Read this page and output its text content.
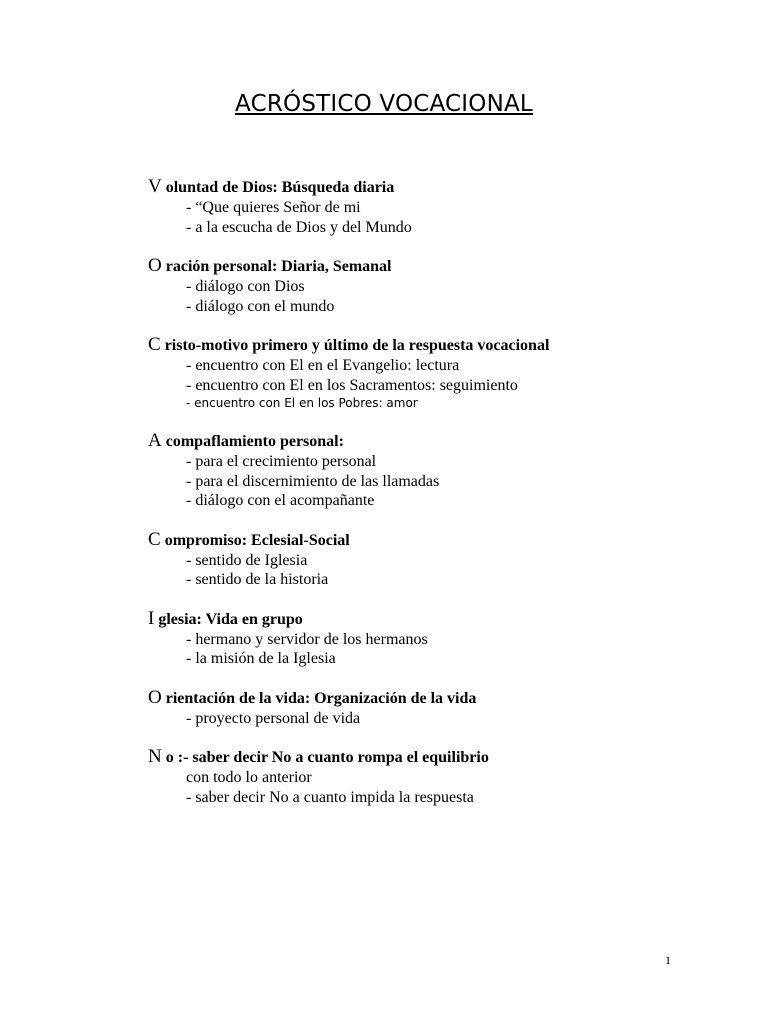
ACRÓSTICO VOCACIONAL
V oluntad de Dios: Búsqueda diaria
- “Que quieres Señor de mi
- a la escucha de Dios y del Mundo
O ración personal: Diaria, Semanal
- diálogo con Dios
- diálogo con el mundo
C risto-motivo primero y último de la respuesta vocacional
- encuentro con El en el Evangelio: lectura
- encuentro con El en los Sacramentos: seguimiento
- encuentro con El en los Pobres: amor
A compaflamiento personal:
- para el crecimiento personal
- para el discernimiento de las llamadas
- diálogo con el acompañante
C ompromiso: Eclesial-Social
- sentido de Iglesia
- sentido de la historia
I glesia: Vida en grupo
- hermano y servidor de los hermanos
- la misión de la Iglesia
O rientación de la vida: Organización de la vida
- proyecto personal de vida
N o :- saber decir No a cuanto rompa el equilibrio
con todo lo anterior
- saber decir No a cuanto impida la respuesta
1
